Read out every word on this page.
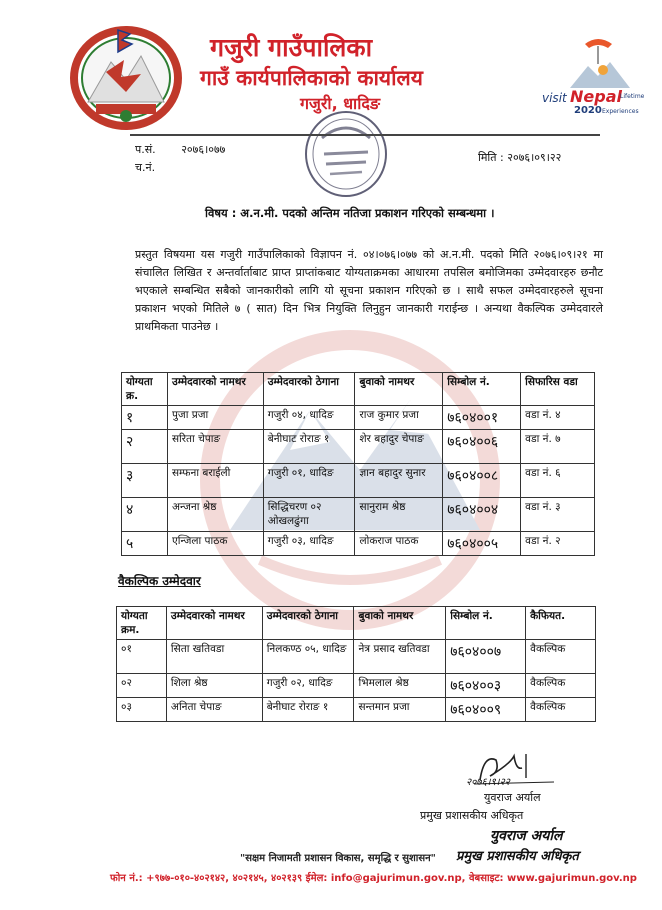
गजुरी गाउँपालिका
गाउँ कार्यपालिकाको कार्यालय
गजुरी, धादिङ	visit Nepal
Lifetime
2020 Experiences
प.सं. २०७६।०७७
च.नं.
मिति : २०७६।०९।२२
विषय : अ.न.मी. पदको अन्तिम नतिजा प्रकाशन गरिएको सम्बन्धमा ।
प्रस्तुत विषयमा यस गजुरी गाउँपालिकाको विज्ञापन नं. ०४।०७६।०७७ को अ.न.मी. पदको मिति २०७६।०९।२१ मा संचालित लिखित र अन्तर्वार्ताबाट प्राप्त प्राप्तांकबाट योग्यताक्रमका आधारमा तपसिल बमोजिमका उम्मेदवारहरु छनौट भएकाले सम्बन्धित सबैको जानकारीको लागि यो सूचना प्रकाशन गरिएको छ । साथै सफल उम्मेदवारहरुले सूचना प्रकाशन भएको मितिले ७ ( सात) दिन भित्र नियुक्ति लिनुहुन जानकारी गराईन्छ । अन्यथा वैकल्पिक उम्मेदवारले प्राथमिकता पाउनेछ ।
योग्यता क्र.	उम्मेदवारको नामथर	उम्मेदवारको ठेगाना	बुवाको नामथर	सिम्बोल नं.	सिफारिस वडा
१	पुजा प्रजा	गजुरी ०४, धादिङ	राज कुमार प्रजा	७६०४००१	वडा नं. ४
२	सरिता चेपाङ	बेनीघाट रोराङ १	शेर बहादुर चेपाङ	७६०४००६	वडा नं. ७
३	सम्फना बराईली	गजुरी ०१, धादिङ	ज्ञान बहादुर सुनार	७६०४००८	वडा नं. ६
४	अन्जना श्रेष्ठ	सिद्धिचरण ०२ ओखलढुंगा	सानुराम श्रेष्ठ	७६०४००४	वडा नं. ३
५	एन्जिला पाठक	गजुरी ०३, धादिङ	लोकराज पाठक	७६०४००५	वडा नं. २
वैकल्पिक उम्मेदवार
योग्यता क्रम.	उम्मेदवारको नामथर	उम्मेदवारको ठेगाना	बुवाको नामथर	सिम्बोल नं.	कैफियत.
०१	सिता खतिवडा	निलकण्ठ ०५, धादिङ	नेत्र प्रसाद खतिवडा	७६०४००७	वैकल्पिक
०२	शिला श्रेष्ठ	गजुरी ०२, धादिङ	भिमलाल श्रेष्ठ	७६०४००३	वैकल्पिक
०३	अनिता चेपाङ	बेनीघाट रोराङ १	सन्तमान प्रजा	७६०४००९	वैकल्पिक
२०७६।९।२२
युवराज अर्याल
प्रमुख प्रशासकीय अधिकृत
युवराज अर्याल
प्रमुख प्रशासकीय अधिकृत
"सक्षम निजामती प्रशासन विकास, समृद्धि र सुशासन"
फोन नं.: +९७७-०१०-४०२१४२, ४०२१४५, ४०२१३९ ईमेल: info@gajurimun.gov.np, वेबसाइट: www.gajurimun.gov.np
